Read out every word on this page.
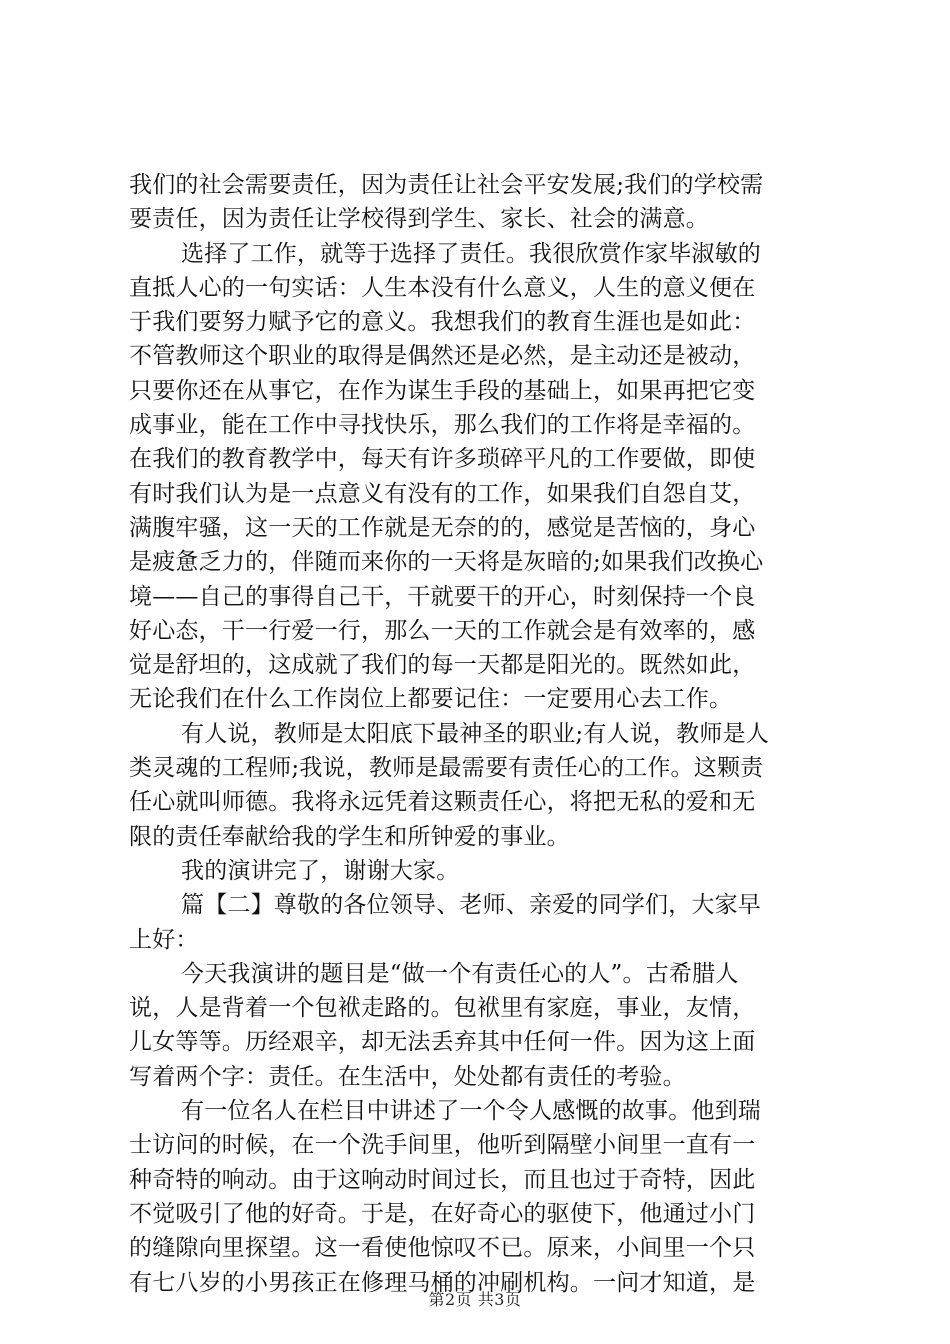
我们的社会需要责任，因为责任让社会平安发展;我们的学校需
要责任，因为责任让学校得到学生、家长、社会的满意。
选择了工作，就等于选择了责任。我很欣赏作家毕淑敏的
直抵人心的一句实话：人生本没有什么意义，人生的意义便在
于我们要努力赋予它的意义。我想我们的教育生涯也是如此：
不管教师这个职业的取得是偶然还是必然，是主动还是被动，
只要你还在从事它，在作为谋生手段的基础上，如果再把它变
成事业，能在工作中寻找快乐，那么我们的工作将是幸福的。
在我们的教育教学中，每天有许多琐碎平凡的工作要做，即使
有时我们认为是一点意义有没有的工作，如果我们自怨自艾，
满腹牢骚，这一天的工作就是无奈的的，感觉是苦恼的，身心
是疲惫乏力的，伴随而来你的一天将是灰暗的;如果我们改换心
境——自己的事得自己干，干就要干的开心，时刻保持一个良
好心态，干一行爱一行，那么一天的工作就会是有效率的，感
觉是舒坦的，这成就了我们的每一天都是阳光的。既然如此，
无论我们在什么工作岗位上都要记住：一定要用心去工作。
有人说，教师是太阳底下最神圣的职业;有人说，教师是人
类灵魂的工程师;我说，教师是最需要有责任心的工作。这颗责
任心就叫师德。我将永远凭着这颗责任心，将把无私的爱和无
限的责任奉献给我的学生和所钟爱的事业。
我的演讲完了，谢谢大家。
篇【二】尊敬的各位领导、老师、亲爱的同学们，大家早
上好：
今天我演讲的题目是“做一个有责任心的人”。古希腊人
说，人是背着一个包袱走路的。包袱里有家庭，事业，友情，
儿女等等。历经艰辛，却无法丢弃其中任何一件。因为这上面
写着两个字：责任。在生活中，处处都有责任的考验。
有一位名人在栏目中讲述了一个令人感慨的故事。他到瑞
士访问的时候，在一个洗手间里，他听到隔壁小间里一直有一
种奇特的响动。由于这响动时间过长，而且也过于奇特，因此
不觉吸引了他的好奇。于是，在好奇心的驱使下，他通过小门
的缝隙向里探望。这一看使他惊叹不已。原来，小间里一个只
有七八岁的小男孩正在修理马桶的冲刷机构。一问才知道，是
第2页 共3页
